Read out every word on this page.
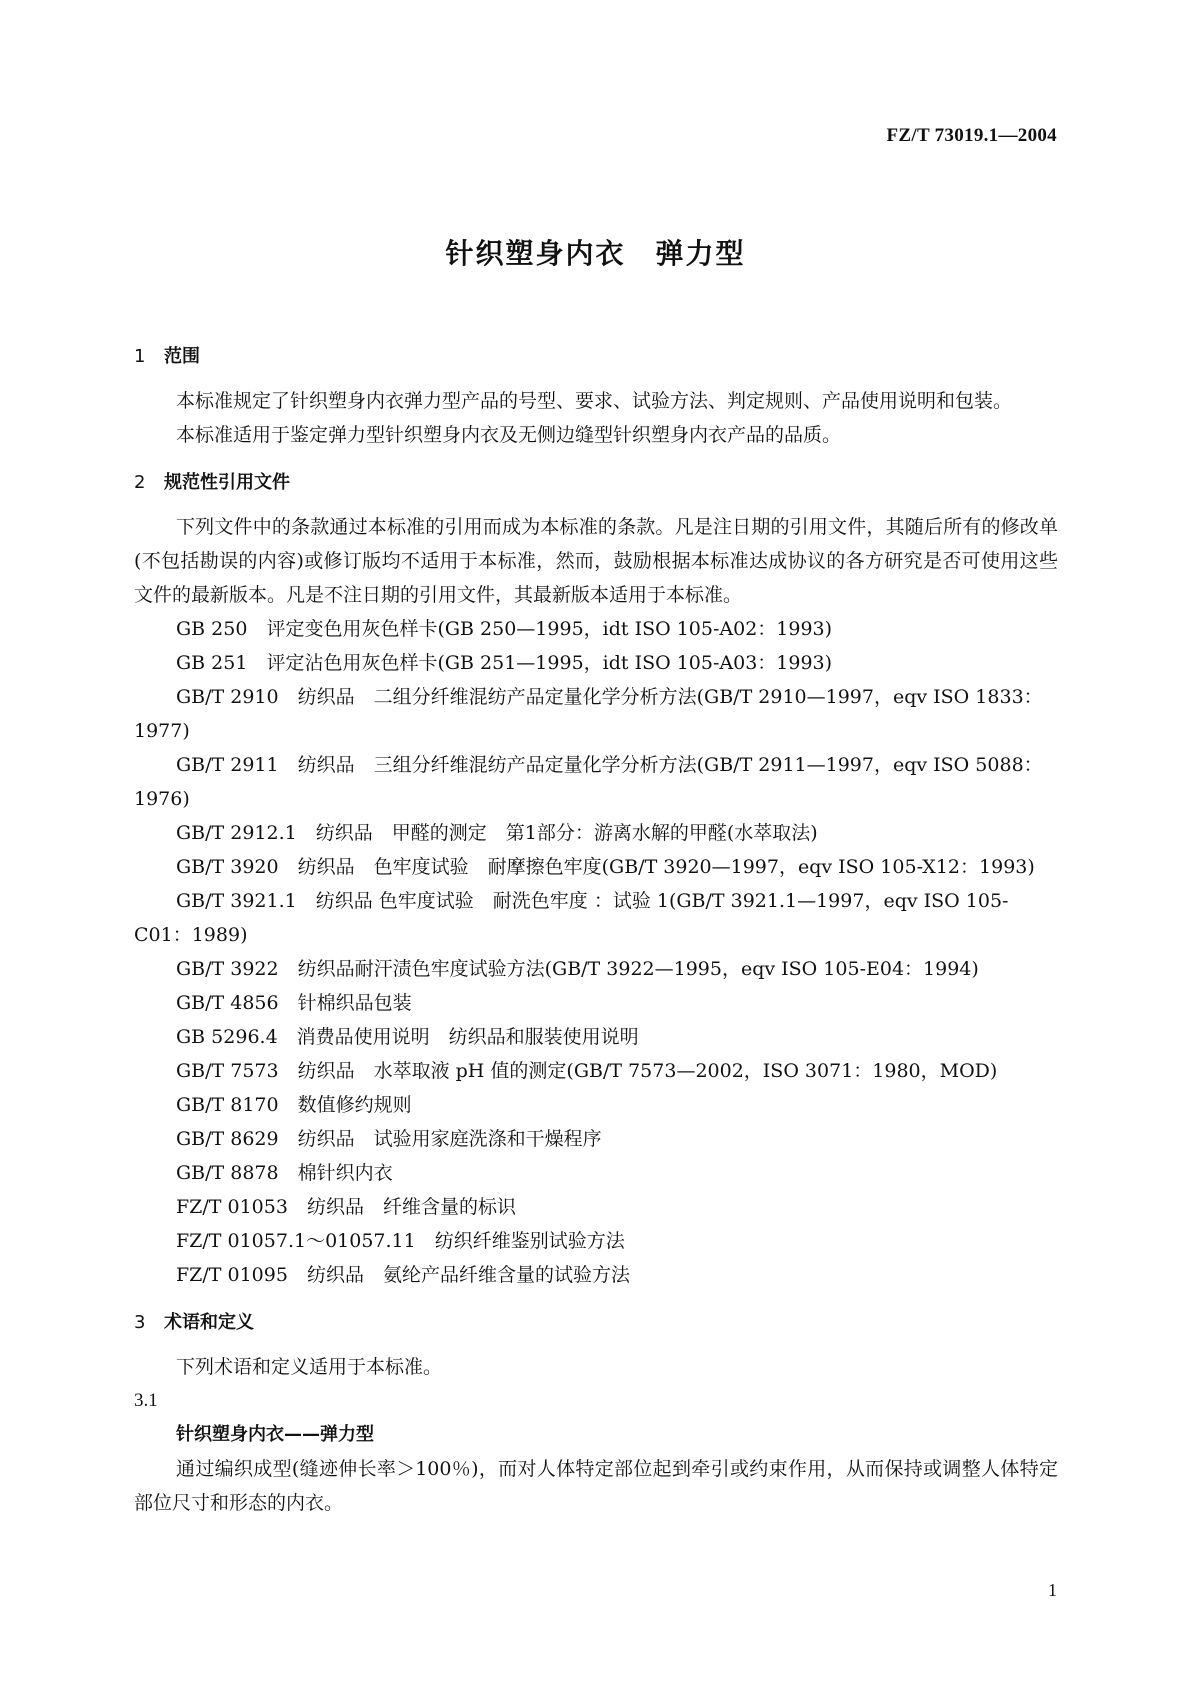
FZ/T 73019.1—2004
针织塑身内衣　弹力型
1 范围

本标准规定了针织塑身内衣弹力型产品的号型、要求、试验方法、判定规则、产品使用说明和包装。

本标准适用于鉴定弹力型针织塑身内衣及无侧边缝型针织塑身内衣产品的品质。

2 规范性引用文件

下列文件中的条款通过本标准的引用而成为本标准的条款。凡是注日期的引用文件，其随后所有的修改单(不包括勘误的内容)或修订版均不适用于本标准，然而，鼓励根据本标准达成协议的各方研究是否可使用这些文件的最新版本。凡是不注日期的引用文件，其最新版本适用于本标准。

GB 250　评定变色用灰色样卡(GB 250—1995，idt ISO 105-A02：1993)

GB 251　评定沾色用灰色样卡(GB 251—1995，idt ISO 105-A03：1993)

GB/T 2910　纺织品　二组分纤维混纺产品定量化学分析方法(GB/T 2910—1997，eqv ISO 1833：

1977)

GB/T 2911　纺织品　三组分纤维混纺产品定量化学分析方法(GB/T 2911—1997，eqv ISO 5088：

1976)

GB/T 2912.1　纺织品　甲醛的测定　第1部分：游离水解的甲醛(水萃取法)

GB/T 3920　纺织品　色牢度试验　耐摩擦色牢度(GB/T 3920—1997，eqv ISO 105-X12：1993)

GB/T 3921.1　纺织品 色牢度试验　耐洗色牢度 ：试验 1(GB/T 3921.1—1997，eqv ISO 105-

C01：1989)

GB/T 3922　纺织品耐汗渍色牢度试验方法(GB/T 3922—1995，eqv ISO 105-E04：1994)

GB/T 4856　针棉织品包装

GB 5296.4　消费品使用说明　纺织品和服装使用说明

GB/T 7573　纺织品　水萃取液 pH 值的测定(GB/T 7573—2002，ISO 3071：1980，MOD)

GB/T 8170　数值修约规则

GB/T 8629　纺织品　试验用家庭洗涤和干燥程序

GB/T 8878　棉针织内衣

FZ/T 01053　纺织品　纤维含量的标识

FZ/T 01057.1～01057.11　纺织纤维鉴别试验方法

FZ/T 01095　纺织品　氨纶产品纤维含量的试验方法

3 术语和定义

下列术语和定义适用于本标准。

3.1
针织塑身内衣——弹力型

通过编织成型(缝迹伸长率＞100％)，而对人体特定部位起到牵引或约束作用，从而保持或调整人体特定部位尺寸和形态的内衣。

1
